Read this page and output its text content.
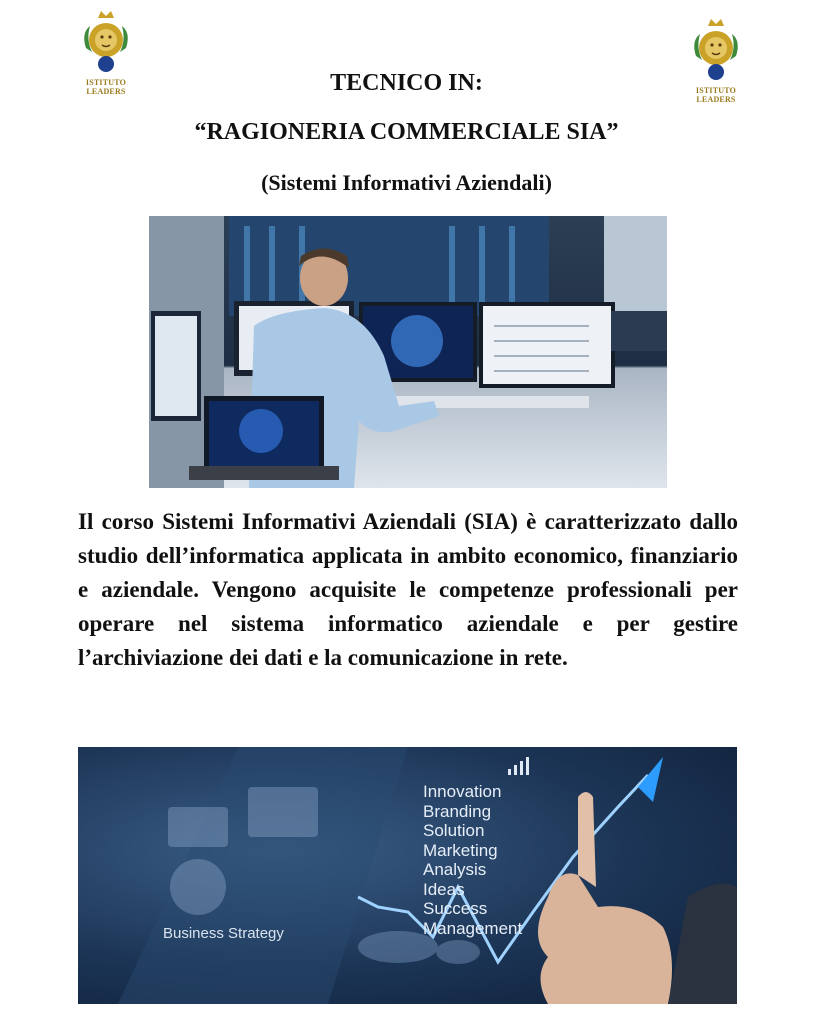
ISTITUTO
LEADERS	ISTITUTO
LEADERS
TECNICO IN:
“RAGIONERIA COMMERCIALE SIA”
(Sistemi Informativi Aziendali)

Il corso Sistemi Informativi Aziendali (SIA) è caratterizzato dallo studio dell’informatica applicata in ambito economico, finanziario e aziendale. Vengono acquisite le competenze professionali per operare nel sistema informatico aziendale e per gestire l’archiviazione dei dati e la comunicazione in rete.

Innovation
Branding
Solution
Marketing
Analysis
Ideas
Success
Management
Business Strategy
